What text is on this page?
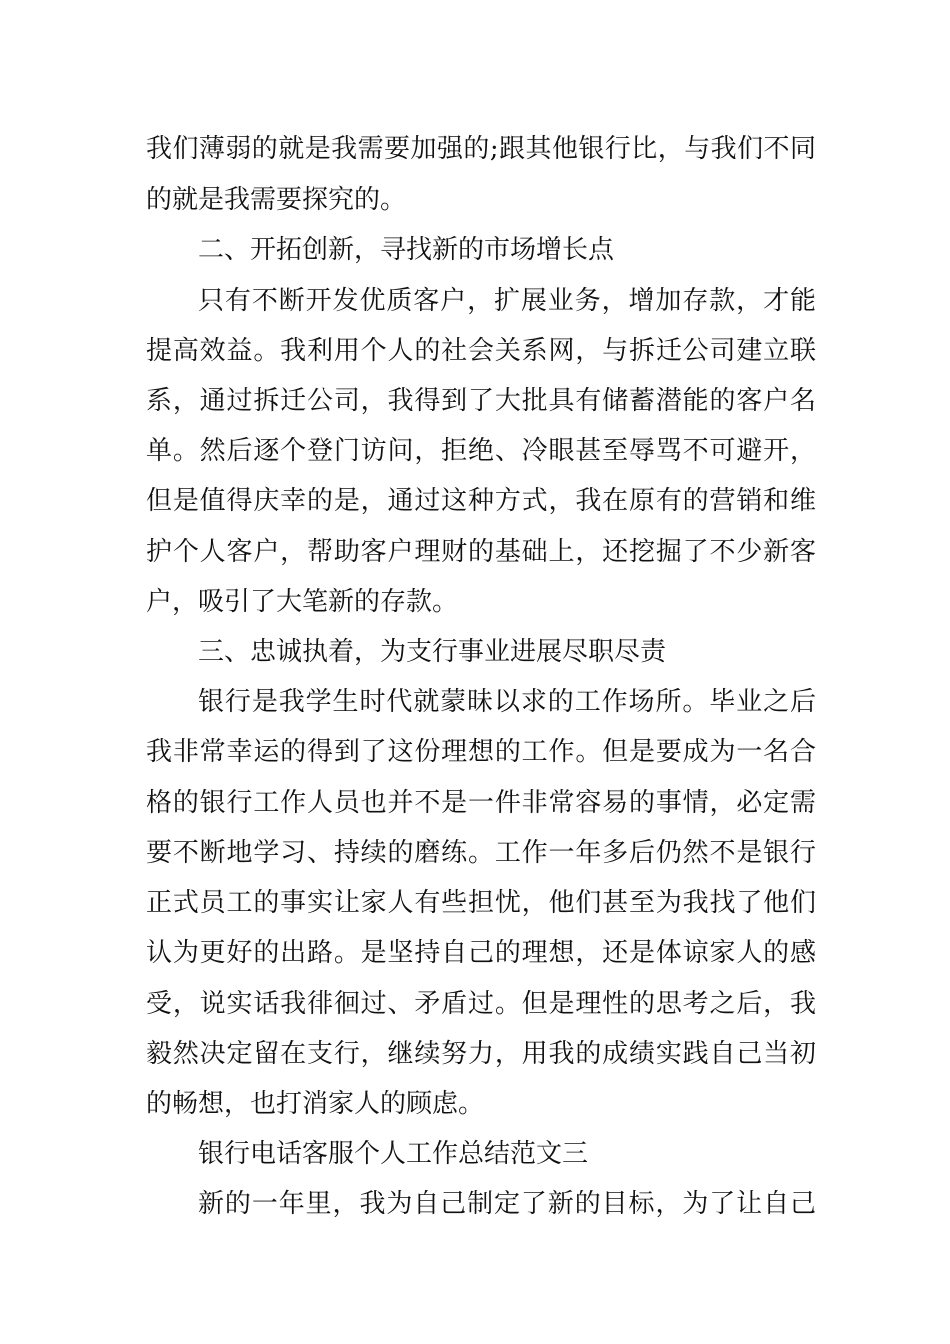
我们薄弱的就是我需要加强的;跟其他银行比，与我们不同
的就是我需要探究的。
二、开拓创新，寻找新的市场增长点
只有不断开发优质客户，扩展业务，增加存款，才能
提高效益。我利用个人的社会关系网，与拆迁公司建立联
系，通过拆迁公司，我得到了大批具有储蓄潜能的客户名
单。然后逐个登门访问，拒绝、冷眼甚至辱骂不可避开，
但是值得庆幸的是，通过这种方式，我在原有的营销和维
护个人客户，帮助客户理财的基础上，还挖掘了不少新客
户，吸引了大笔新的存款。
三、忠诚执着，为支行事业进展尽职尽责
银行是我学生时代就蒙昧以求的工作场所。毕业之后
我非常幸运的得到了这份理想的工作。但是要成为一名合
格的银行工作人员也并不是一件非常容易的事情，必定需
要不断地学习、持续的磨练。工作一年多后仍然不是银行
正式员工的事实让家人有些担忧，他们甚至为我找了他们
认为更好的出路。是坚持自己的理想，还是体谅家人的感
受，说实话我徘徊过、矛盾过。但是理性的思考之后，我
毅然决定留在支行，继续努力，用我的成绩实践自己当初
的畅想，也打消家人的顾虑。
银行电话客服个人工作总结范文三
新的一年里，我为自己制定了新的目标，为了让自己
